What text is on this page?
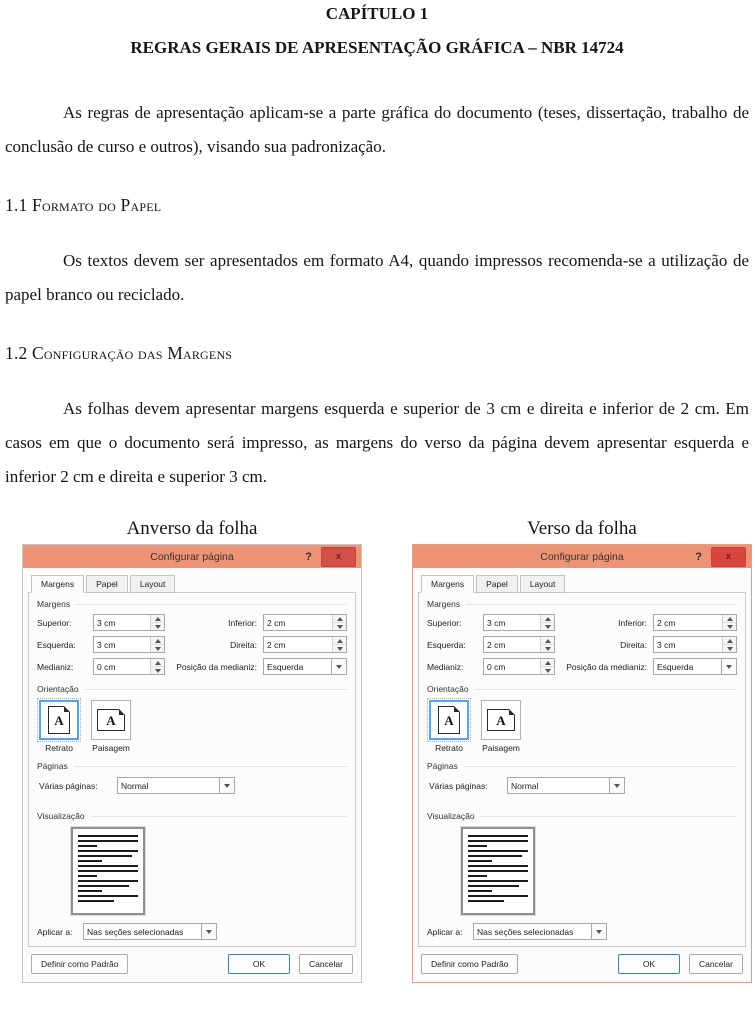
CAPÍTULO 1
REGRAS GERAIS DE APRESENTAÇÃO GRÁFICA – NBR 14724

As regras de apresentação aplicam-se a parte gráfica do documento (teses, dissertação, trabalho de conclusão de curso e outros), visando sua padronização.

1.1 Formato do Papel

Os textos devem ser apresentados em formato A4, quando impressos recomenda-se a utilização de papel branco ou reciclado.

1.2 Configuração das Margens

As folhas devem apresentar margens esquerda e superior de 3 cm e direita e inferior de 2 cm. Em casos em que o documento será impresso, as margens do verso da página devem apresentar esquerda e inferior 2 cm e direita e superior 3 cm.

Anverso da folha
Configurar página	?	x
Margens	Papel	Layout
Margens
Superior:	3 cm	Inferior:	2 cm
Esquerda:	3 cm	Direita:	2 cm
Medianiz:	0 cm	Posição da medianiz:	Esquerda
Orientação
A
Retrato
A
Paisagem
Páginas
Várias páginas:	Normal
Visualização
Aplicar a:	Nas seções selecionadas
Definir como Padrão	OK	Cancelar
Verso da folha
Configurar página	?	x
Margens	Papel	Layout
Margens
Superior:	3 cm	Inferior:	2 cm
Esquerda:	2 cm	Direita:	3 cm
Medianiz:	0 cm	Posição da medianiz:	Esquerda
Orientação
A
Retrato
A
Paisagem
Páginas
Várias páginas:	Normal
Visualização
Aplicar a:	Nas seções selecionadas
Definir como Padrão	OK	Cancelar
